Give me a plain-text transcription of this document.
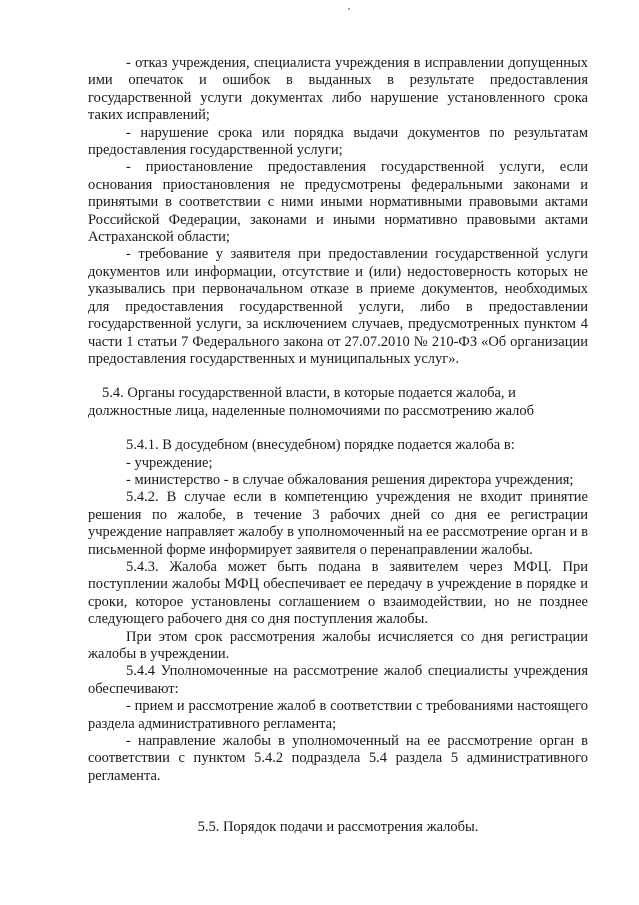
- отказ учреждения, специалиста учреждения в исправлении допущенных ими опечаток и ошибок в выданных в результате предоставления государственной услуги документах либо нарушение установленного срока таких исправлений;

- нарушение срока или порядка выдачи документов по результатам предоставления государственной услуги;

- приостановление предоставления государственной услуги, если основания приостановления не предусмотрены федеральными законами и принятыми в соответствии с ними иными нормативными правовыми актами Российской Федерации, законами и иными нормативно правовыми актами Астраханской области;

- требование у заявителя при предоставлении государственной услуги документов или информации, отсутствие и (или) недостоверность которых не указывались при первоначальном отказе в приеме документов, необходимых для предоставления государственной услуги, либо в предоставлении государственной услуги, за исключением случаев, предусмотренных пунктом 4 части 1 статьи 7 Федерального закона от 27.07.2010 № 210-ФЗ «Об организации предоставления государственных и муниципальных услуг».

5.4. Органы государственной власти, в которые подается жалоба, и должностные лица, наделенные полномочиями по рассмотрению жалоб

5.4.1. В досудебном (внесудебном) порядке подается жалоба в:

- учреждение;

- министерство - в случае обжалования решения директора учреждения;

5.4.2. В случае если в компетенцию учреждения не входит принятие решения по жалобе, в течение 3 рабочих дней со дня ее регистрации учреждение направляет жалобу в уполномоченный на ее рассмотрение орган и в письменной форме информирует заявителя о перенаправлении жалобы.

5.4.3. Жалоба может быть подана в заявителем через МФЦ. При поступлении жалобы МФЦ обеспечивает ее передачу в учреждение в порядке и сроки, которое установлены соглашением о взаимодействии, но не позднее следующего рабочего дня со дня поступления жалобы.

При этом срок рассмотрения жалобы исчисляется со дня регистрации жалобы в учреждении.

5.4.4 Уполномоченные на рассмотрение жалоб специалисты учреждения обеспечивают:

- прием и рассмотрение жалоб в соответствии с требованиями настоящего раздела административного регламента;

- направление жалобы в уполномоченный на ее рассмотрение орган в соответствии с пунктом 5.4.2 подраздела 5.4 раздела 5 административного регламента.

5.5. Порядок подачи и рассмотрения жалобы.
